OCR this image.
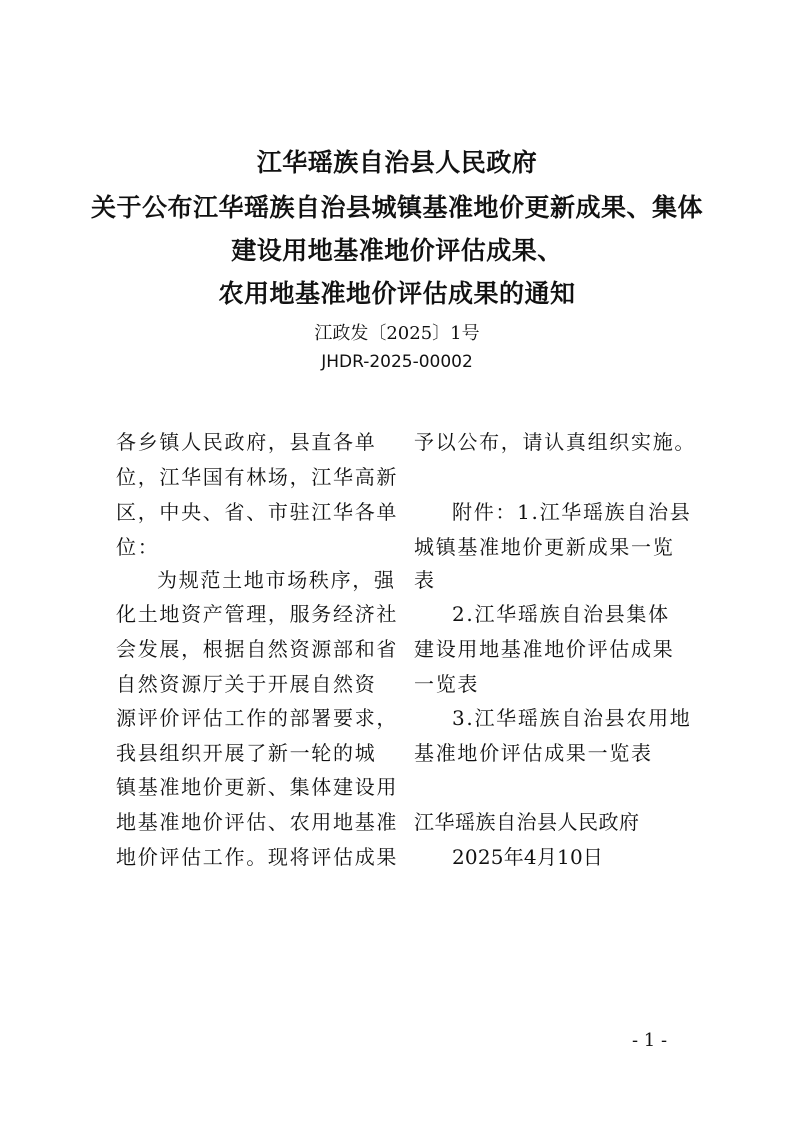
江华瑶族自治县人民政府
关于公布江华瑶族自治县城镇基准地价更新成果、集体
建设用地基准地价评估成果、
农用地基准地价评估成果的通知
江政发〔2025〕1号
JHDR-2025-00002
各乡镇人民政府，县直各单
位，江华国有林场，江华高新
区，中央、省、市驻江华各单
位：
为规范土地市场秩序，强
化土地资产管理，服务经济社
会发展，根据自然资源部和省
自然资源厅关于开展自然资
源评价评估工作的部署要求，
我县组织开展了新一轮的城
镇基准地价更新、集体建设用
地基准地价评估、农用地基准
地价评估工作。现将评估成果
予以公布，请认真组织实施。
附件：1.江华瑶族自治县
城镇基准地价更新成果一览
表
2.江华瑶族自治县集体
建设用地基准地价评估成果
一览表
3.江华瑶族自治县农用地
基准地价评估成果一览表
江华瑶族自治县人民政府
2025年4月10日
- 1 -
